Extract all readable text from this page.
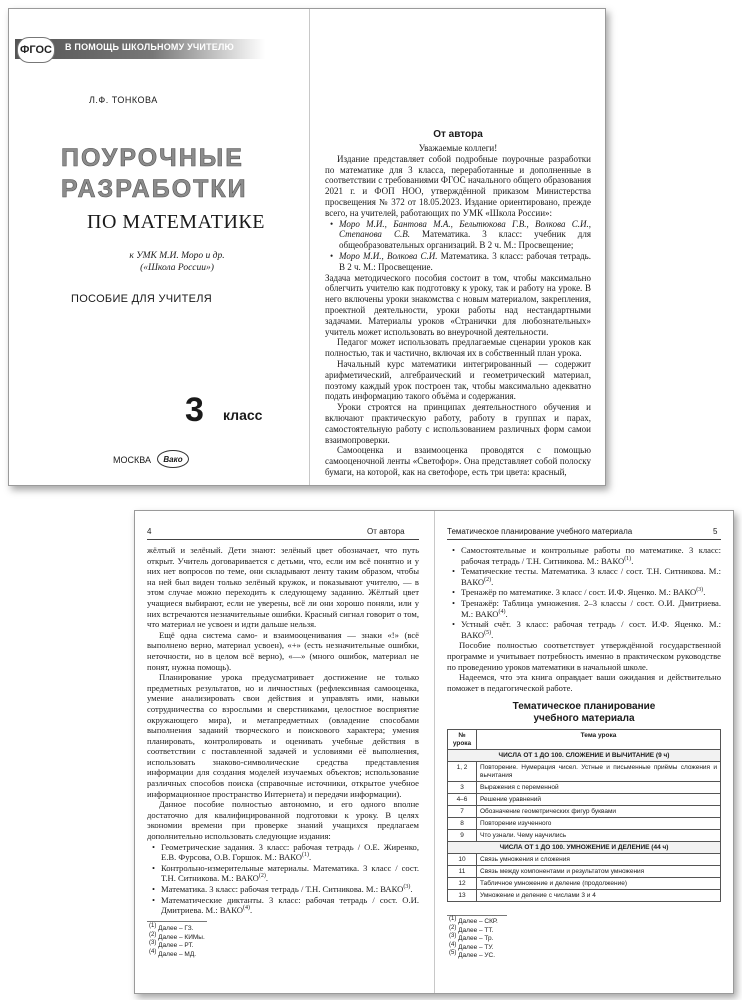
ФГОС	В ПОМОЩЬ ШКОЛЬНОМУ УЧИТЕЛЮ
Л.Ф. ТОНКОВА
ПОУРОЧНЫЕ
РАЗРАБОТКИ
ПО МАТЕМАТИКЕ
к УМК М.И. Моро и др.
(«Школа России»)
ПОСОБИЕ ДЛЯ УЧИТЕЛЯ
3 класс
МОСКВА	Вако
От автора

Уважаемые коллеги!

Издание представляет собой подробные поурочные разработки по математике для 3 класса, переработанные и дополненные в соответствии с требованиями ФГОС начального общего образования 2021 г. и ФОП НОО, утверждённой приказом Министерства просвещения № 372 от 18.05.2023. Издание ориентировано, прежде всего, на учителей, работающих по УМК «Школа России»:

• Моро М.И., Бантова М.А., Бельтюкова Г.В., Волкова С.И., Степанова С.В. Математика. 3 класс: учебник для общеобразовательных организаций. В 2 ч. М.: Просвещение;
• Моро М.И., Волкова С.И. Математика. 3 класс: рабочая тетрадь. В 2 ч. М.: Просвещение.

Задача методического пособия состоит в том, чтобы максимально облегчить учителю как подготовку к уроку, так и работу на уроке. В него включены уроки знакомства с новым материалом, закрепления, проектной деятельности, уроки работы над нестандартными задачами. Материалы уроков «Странички для любознательных» учитель может использовать во внеурочной деятельности.

Педагог может использовать предлагаемые сценарии уроков как полностью, так и частично, включая их в собственный план урока.

Начальный курс математики интегрированный — содержит арифметический, алгебраический и геометрический материал, поэтому каждый урок построен так, чтобы максимально адекватно подать информацию такого объёма и содержания.

Уроки строятся на принципах деятельностного обучения и включают практическую работу, работу в группах и парах, самостоятельную работу с использованием различных форм самои взаимопроверки.

Самооценка и взаимооценка проводятся с помощью самооценочной ленты «Светофор». Она представляет собой полоску бумаги, на которой, как на светофоре, есть три цвета: красный,

4	От автора

жёлтый и зелёный. Дети знают: зелёный цвет обозначает, что путь открыт. Учитель договаривается с детьми, что, если им всё понятно и у них нет вопросов по теме, они складывают ленту таким образом, чтобы на ней был виден только зелёный кружок, и показывают учителю, — в этом случае можно переходить к следующему заданию. Жёлтый цвет учащиеся выбирают, если не уверены, всё ли они хорошо поняли, или у них встречаются незначительные ошибки. Красный сигнал говорит о том, что материал не усвоен и идти дальше нельзя.

Ещё одна система само- и взаимооценивания — знаки «!» (всё выполнено верно, материал усвоен), «+» (есть незначительные ошибки, неточности, но в целом всё верно), «—» (много ошибок, материал не понят, нужна помощь).

Планирование урока предусматривает достижение не только предметных результатов, но и личностных (рефлексивная самооценка, умение анализировать свои действия и управлять ими, навыки сотрудничества со взрослыми и сверстниками, целостное восприятие окружающего мира), и метапредметных (овладение способами выполнения заданий творческого и поискового характера; умения планировать, контролировать и оценивать учебные действия в соответствии с поставленной задачей и условиями её выполнения, использовать знаково-символические средства представления информации для создания моделей изучаемых объектов; использование различных способов поиска (справочные источники, открытое учебное информационное пространство Интернета) и передачи информации).

Данное пособие полностью автономно, и его одного вполне достаточно для квалифицированной подготовки к уроку. В целях экономии времени при проверке знаний учащихся предлагаем дополнительно использовать следующие издания:

• Геометрические задания. 3 класс: рабочая тетрадь / О.Е. Жиренко, Е.В. Фурсова, О.В. Горшок. М.: ВАКО$^{(1)}$.
• Контрольно-измерительные материалы. Математика. 3 класс / сост. Т.Н. Ситникова. М.: ВАКО$^{(2)}$.
• Математика. 3 класс: рабочая тетрадь / Т.Н. Ситникова. М.: ВАКО$^{(3)}$.
• Математические диктанты. 3 класс: рабочая тетрадь / сост. О.И. Дмитриева. М.: ВАКО$^{(4)}$.
$^{(1)}$ Далее – ГЗ.
$^{(2)}$ Далее – КИМы.
$^{(3)}$ Далее – РТ.
$^{(4)}$ Далее – МД.
Тематическое планирование учебного материала	5
• Самостоятельные и контрольные работы по математике. 3 класс: рабочая тетрадь / Т.Н. Ситникова. М.: ВАКО$^{(1)}$.
• Тематические тесты. Математика. 3 класс / сост. Т.Н. Ситникова. М.: ВАКО$^{(2)}$.
• Тренажёр по математике. 3 класс / сост. И.Ф. Яценко. М.: ВАКО$^{(3)}$.
• Тренажёр: Таблица умножения. 2–3 классы / сост. О.И. Дмитриева. М.: ВАКО$^{(4)}$.
• Устный счёт. 3 класс: рабочая тетрадь / сост. И.Ф. Яценко. М.: ВАКО$^{(5)}$.

Пособие полностью соответствует утверждённой государственной программе и учитывает потребность именно в практическом руководстве по проведению уроков математики в начальной школе.

Надеемся, что эта книга оправдает ваши ожидания и действительно поможет в педагогической работе.

Тематическое планирование
учебного материала
№ урока	Тема урока
ЧИСЛА ОТ 1 ДО 100. СЛОЖЕНИЕ И ВЫЧИТАНИЕ (9 ч)	
1, 2	Повторение. Нумерация чисел. Устные и письменные приёмы сложения и вычитания
3	Выражения с переменной
4–6	Решение уравнений
7	Обозначение геометрических фигур буквами
8	Повторение изученного
9	Что узнали. Чему научились
ЧИСЛА ОТ 1 ДО 100. УМНОЖЕНИЕ И ДЕЛЕНИЕ (44 ч)	
10	Связь умножения и сложения
11	Связь между компонентами и результатом умножения
12	Табличное умножение и деление (продолжение)
13	Умножение и деление с числами 3 и 4
$^{(1)}$ Далее – СКР.
$^{(2)}$ Далее – ТТ.
$^{(3)}$ Далее – Тр.
$^{(4)}$ Далее – ТУ.
$^{(5)}$ Далее – УС.
